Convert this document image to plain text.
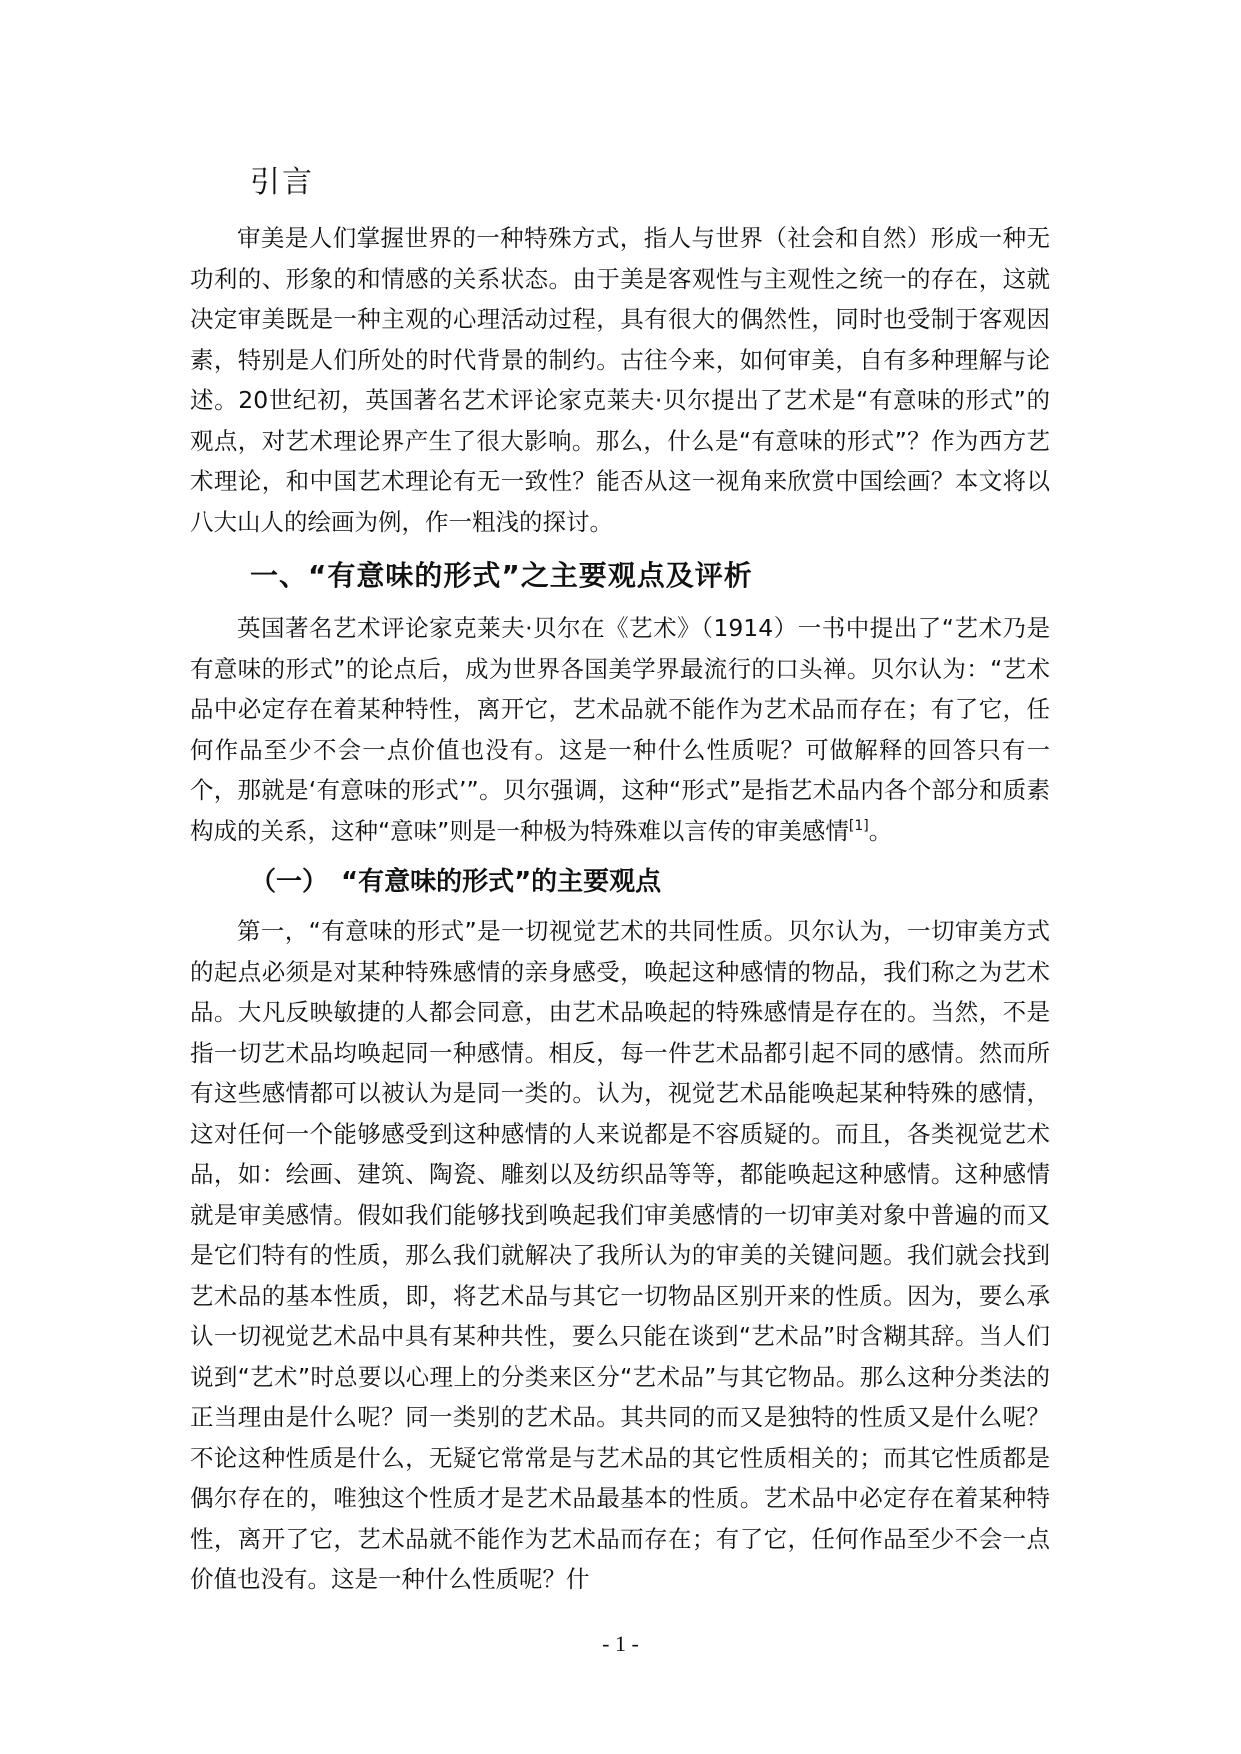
引言

审美是人们掌握世界的一种特殊方式，指人与世界（社会和自然）形成一种无功利的、形象的和情感的关系状态。由于美是客观性与主观性之统一的存在，这就决定审美既是一种主观的心理活动过程，具有很大的偶然性，同时也受制于客观因素，特别是人们所处的时代背景的制约。古往今来，如何审美，自有多种理解与论述。20世纪初，英国著名艺术评论家克莱夫·贝尔提出了艺术是“有意味的形式”的观点，对艺术理论界产生了很大影响。那么，什么是“有意味的形式”？作为西方艺术理论，和中国艺术理论有无一致性？能否从这一视角来欣赏中国绘画？本文将以八大山人的绘画为例，作一粗浅的探讨。

一、“有意味的形式”之主要观点及评析

英国著名艺术评论家克莱夫·贝尔在《艺术》（1914）一书中提出了“艺术乃是有意味的形式”的论点后，成为世界各国美学界最流行的口头禅。贝尔认为：“艺术品中必定存在着某种特性，离开它，艺术品就不能作为艺术品而存在；有了它，任何作品至少不会一点价值也没有。这是一种什么性质呢？可做解释的回答只有一个，那就是‘有意味的形式’”。贝尔强调，这种“形式”是指艺术品内各个部分和质素构成的关系，这种“意味”则是一种极为特殊难以言传的审美感情[1]。

（一）　“有意味的形式”的主要观点

第一，“有意味的形式”是一切视觉艺术的共同性质。贝尔认为，一切审美方式的起点必须是对某种特殊感情的亲身感受，唤起这种感情的物品，我们称之为艺术品。大凡反映敏捷的人都会同意，由艺术品唤起的特殊感情是存在的。当然，不是指一切艺术品均唤起同一种感情。相反，每一件艺术品都引起不同的感情。然而所有这些感情都可以被认为是同一类的。认为，视觉艺术品能唤起某种特殊的感情，这对任何一个能够感受到这种感情的人来说都是不容质疑的。而且，各类视觉艺术品，如：绘画、建筑、陶瓷、雕刻以及纺织品等等，都能唤起这种感情。这种感情就是审美感情。假如我们能够找到唤起我们审美感情的一切审美对象中普遍的而又是它们特有的性质，那么我们就解决了我所认为的审美的关键问题。我们就会找到艺术品的基本性质，即，将艺术品与其它一切物品区别开来的性质。因为，要么承认一切视觉艺术品中具有某种共性，要么只能在谈到“艺术品”时含糊其辞。当人们说到“艺术”时总要以心理上的分类来区分“艺术品”与其它物品。那么这种分类法的正当理由是什么呢？同一类别的艺术品。其共同的而又是独特的性质又是什么呢？不论这种性质是什么，无疑它常常是与艺术品的其它性质相关的；而其它性质都是偶尔存在的，唯独这个性质才是艺术品最基本的性质。艺术品中必定存在着某种特性，离开了它，艺术品就不能作为艺术品而存在；有了它，任何作品至少不会一点价值也没有。这是一种什么性质呢？什

- 1 -
